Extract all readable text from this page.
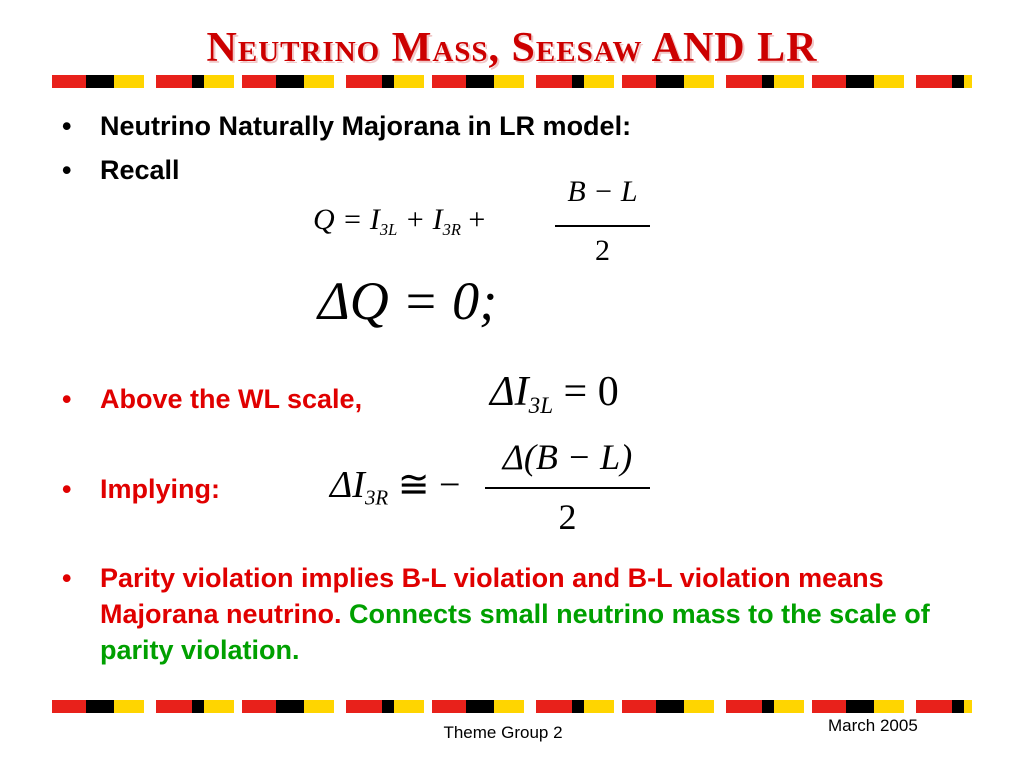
Neutrino Mass, Seesaw AND LR
• Neutrino Naturally Majorana in LR model:
• Recall
$Q = I_{3L} + I_{3R}$ +
B − L
2
ΔQ = 0;
• Above the WL scale,	$\Delta I_{3L} = 0$
• Implying:	$\Delta I_{3R}$ ≅ −
Δ(B − L)
2
• Parity violation implies B-L violation and B-L violation means Majorana neutrino. Connects small neutrino mass to the scale of parity violation.
Theme Group 2	March 2005
